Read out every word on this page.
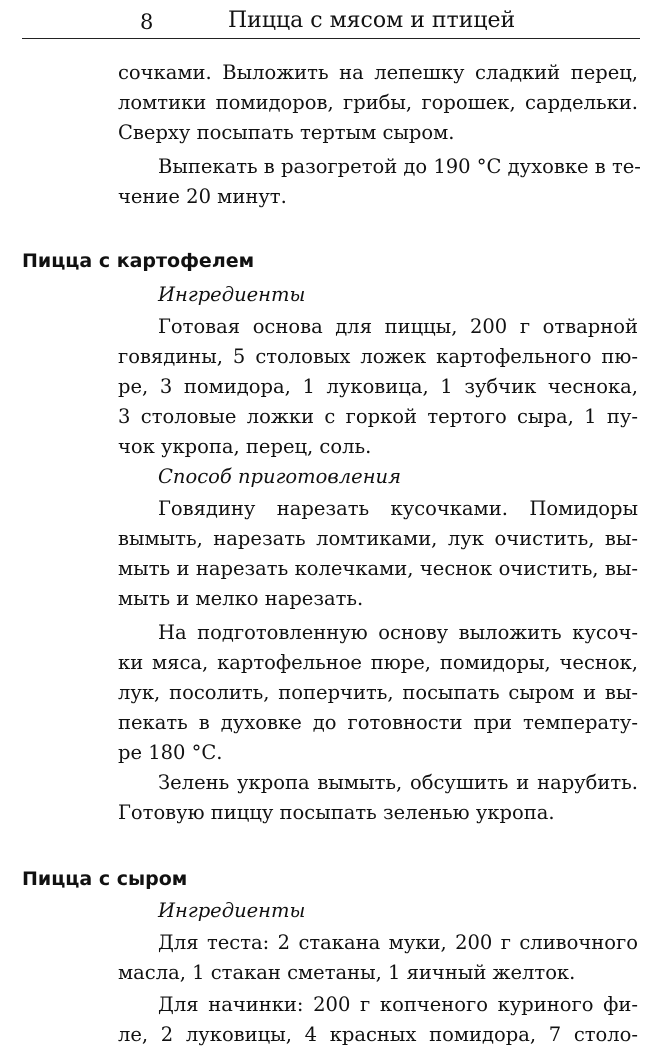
8	Пицца с мясом и птицей
сочками. Выложить на лепешку сладкий перец,
ломтики помидоров, грибы, горошек, сардельки.
Сверху посыпать тертым сыром.
Выпекать в разогретой до 190 °С духовке в те-
чение 20 минут.
Пицца с картофелем
Ингредиенты
Готовая основа для пиццы, 200 г отварной
говядины, 5 столовых ложек картофельного пю-
ре, 3 помидора, 1 луковица, 1 зубчик чеснока,
3 столовые ложки с горкой тертого сыра, 1 пу-
чок укропа, перец, соль.
Способ приготовления
Говядину нарезать кусочками. Помидоры
вымыть, нарезать ломтиками, лук очистить, вы-
мыть и нарезать колечками, чеснок очистить, вы-
мыть и мелко нарезать.
На подготовленную основу выложить кусоч-
ки мяса, картофельное пюре, помидоры, чеснок,
лук, посолить, поперчить, посыпать сыром и вы-
пекать в духовке до готовности при температу-
ре 180 °С.
Зелень укропа вымыть, обсушить и нарубить.
Готовую пиццу посыпать зеленью укропа.
Пицца с сыром
Ингредиенты
Для теста: 2 стакана муки, 200 г сливочного
масла, 1 стакан сметаны, 1 яичный желток.
Для начинки: 200 г копченого куриного фи-
ле, 2 луковицы, 4 красных помидора, 7 столо-
